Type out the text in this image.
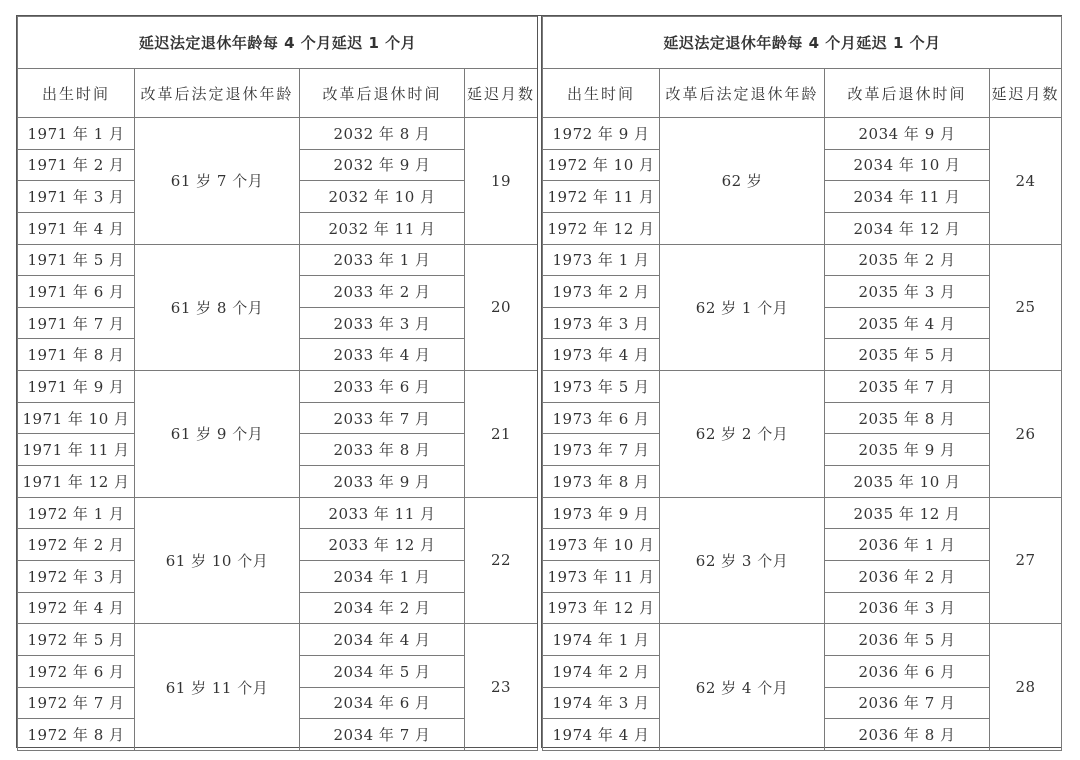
延迟法定退休年龄每 4 个月延迟 1 个月			
出生时间	改革后法定退休年龄	改革后退休时间	延迟月数
1971 年 1 月	61 岁 7 个月	2032 年 8 月	19
1971 年 2 月		2032 年 9 月	
1971 年 3 月		2032 年 10 月	
1971 年 4 月		2032 年 11 月	
1971 年 5 月	61 岁 8 个月	2033 年 1 月	20
1971 年 6 月		2033 年 2 月	
1971 年 7 月		2033 年 3 月	
1971 年 8 月		2033 年 4 月	
1971 年 9 月	61 岁 9 个月	2033 年 6 月	21
1971 年 10 月		2033 年 7 月	
1971 年 11 月		2033 年 8 月	
1971 年 12 月		2033 年 9 月	
1972 年 1 月	61 岁 10 个月	2033 年 11 月	22
1972 年 2 月		2033 年 12 月	
1972 年 3 月		2034 年 1 月	
1972 年 4 月		2034 年 2 月	
1972 年 5 月	61 岁 11 个月	2034 年 4 月	23
1972 年 6 月		2034 年 5 月	
1972 年 7 月		2034 年 6 月	
1972 年 8 月		2034 年 7 月	
延迟法定退休年龄每 4 个月延迟 1 个月			
出生时间	改革后法定退休年龄	改革后退休时间	延迟月数
1972 年 9 月	62 岁	2034 年 9 月	24
1972 年 10 月		2034 年 10 月	
1972 年 11 月		2034 年 11 月	
1972 年 12 月		2034 年 12 月	
1973 年 1 月	62 岁 1 个月	2035 年 2 月	25
1973 年 2 月		2035 年 3 月	
1973 年 3 月		2035 年 4 月	
1973 年 4 月		2035 年 5 月	
1973 年 5 月	62 岁 2 个月	2035 年 7 月	26
1973 年 6 月		2035 年 8 月	
1973 年 7 月		2035 年 9 月	
1973 年 8 月		2035 年 10 月	
1973 年 9 月	62 岁 3 个月	2035 年 12 月	27
1973 年 10 月		2036 年 1 月	
1973 年 11 月		2036 年 2 月	
1973 年 12 月		2036 年 3 月	
1974 年 1 月	62 岁 4 个月	2036 年 5 月	28
1974 年 2 月		2036 年 6 月	
1974 年 3 月		2036 年 7 月	
1974 年 4 月		2036 年 8 月	
